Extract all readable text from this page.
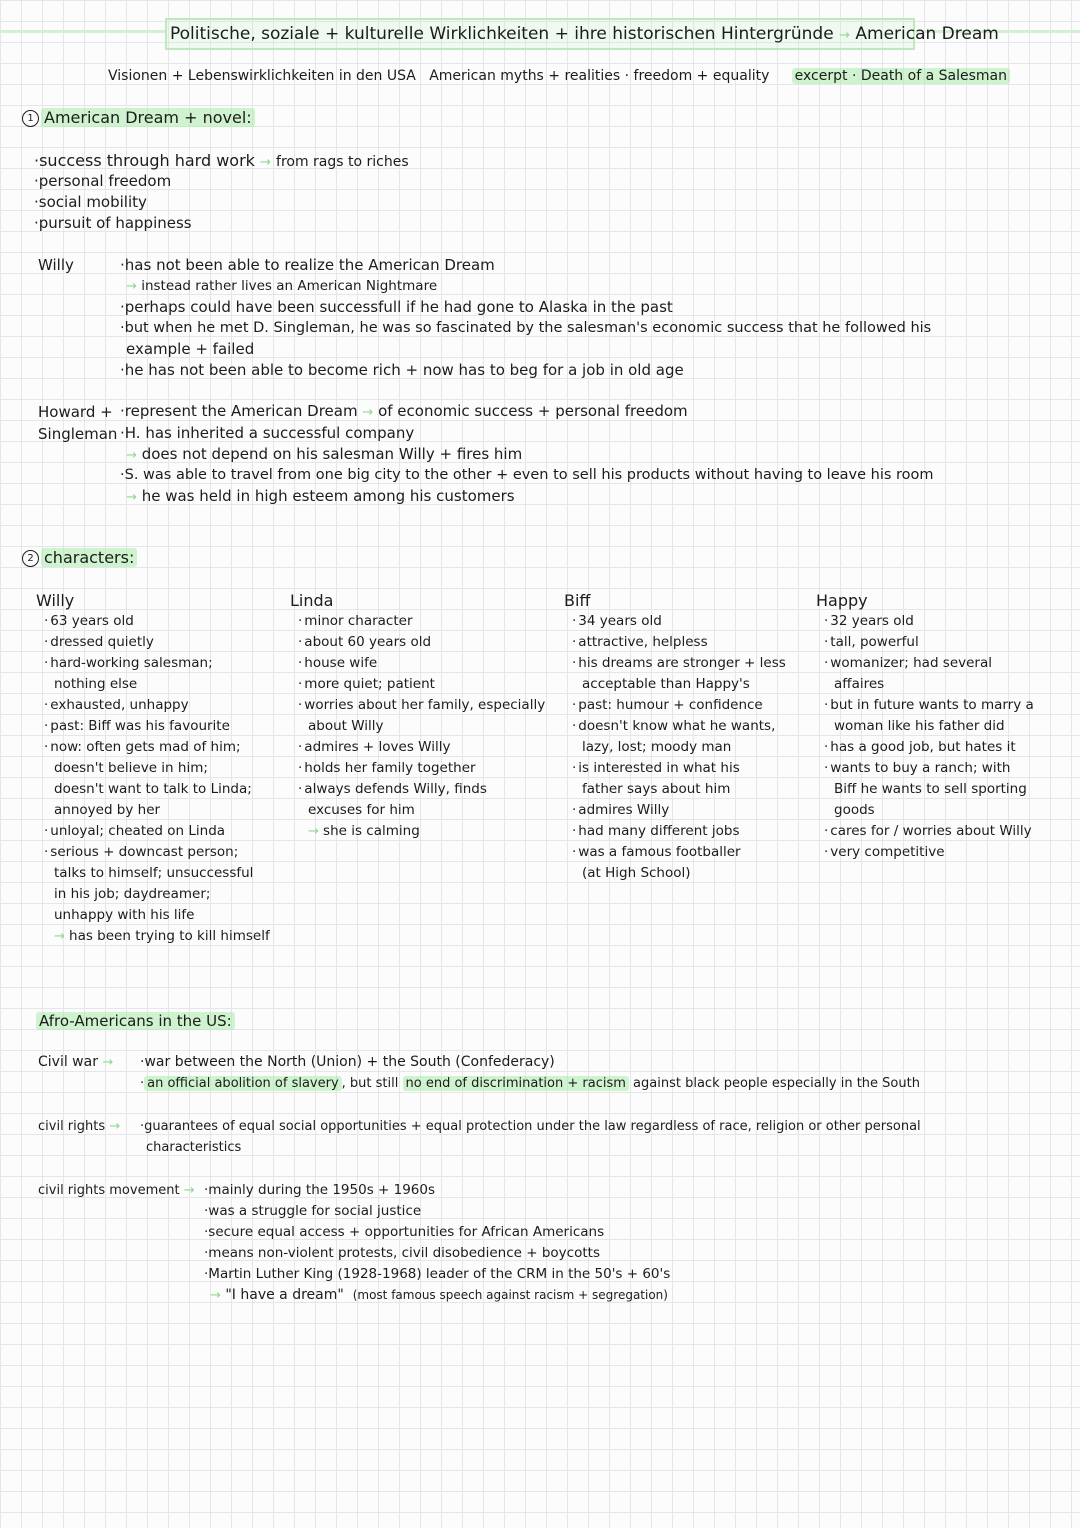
Politische, soziale + kulturelle Wirklichkeiten + ihre historischen Hintergründe → American Dream
Visionen + Lebenswirklichkeiten in den USA American myths + realities · freedom + equality excerpt · Death of a Salesman
1 American Dream + novel:
·success through hard work → from rags to riches
·personal freedom
·social mobility
·pursuit of happiness
Willy	·has not been able to realize the American Dream
→ instead rather lives an American Nightmare
·perhaps could have been successfull if he had gone to Alaska in the past
·but when he met D. Singleman, he was so fascinated by the salesman's economic success that he followed his
example + failed
·he has not been able to become rich + now has to beg for a job in old age
Howard +
Singleman
·represent the American Dream → of economic success + personal freedom
·H. has inherited a successful company
→ does not depend on his salesman Willy + fires him
·S. was able to travel from one big city to the other + even to sell his products without having to leave his room
→ he was held in high esteem among his customers
2 characters:
Willy
· 63 years old
· dressed quietly
· hard-working salesman;
nothing else
· exhausted, unhappy
· past: Biff was his favourite
· now: often gets mad of him;
doesn't believe in him;
doesn't want to talk to Linda;
annoyed by her
· unloyal; cheated on Linda
· serious + downcast person;
talks to himself; unsuccessful
in his job; daydreamer;
unhappy with his life
→ has been trying to kill himself
Linda
· minor character
· about 60 years old
· house wife
· more quiet; patient
· worries about her family, especially
about Willy
· admires + loves Willy
· holds her family together
· always defends Willy, finds
excuses for him
→ she is calming
Biff
· 34 years old
· attractive, helpless
· his dreams are stronger + less
acceptable than Happy's
· past: humour + confidence
· doesn't know what he wants,
lazy, lost; moody man
· is interested in what his
father says about him
· admires Willy
· had many different jobs
· was a famous footballer
(at High School)
Happy
· 32 years old
· tall, powerful
· womanizer; had several
affaires
· but in future wants to marry a
woman like his father did
· has a good job, but hates it
· wants to buy a ranch; with
Biff he wants to sell sporting
goods
· cares for / worries about Willy
· very competitive
Afro-Americans in the US:
Civil war → ·war between the North (Union) + the South (Confederacy)
· an official abolition of slavery , but still no end of discrimination + racism against black people especially in the South
civil rights → ·guarantees of equal social opportunities + equal protection under the law regardless of race, religion or other personal
characteristics
civil rights movement → ·mainly during the 1950s + 1960s
·was a struggle for social justice
·secure equal access + opportunities for African Americans
·means non-violent protests, civil disobedience + boycotts
·Martin Luther King (1928-1968) leader of the CRM in the 50's + 60's
→ "I have a dream" (most famous speech against racism + segregation)
